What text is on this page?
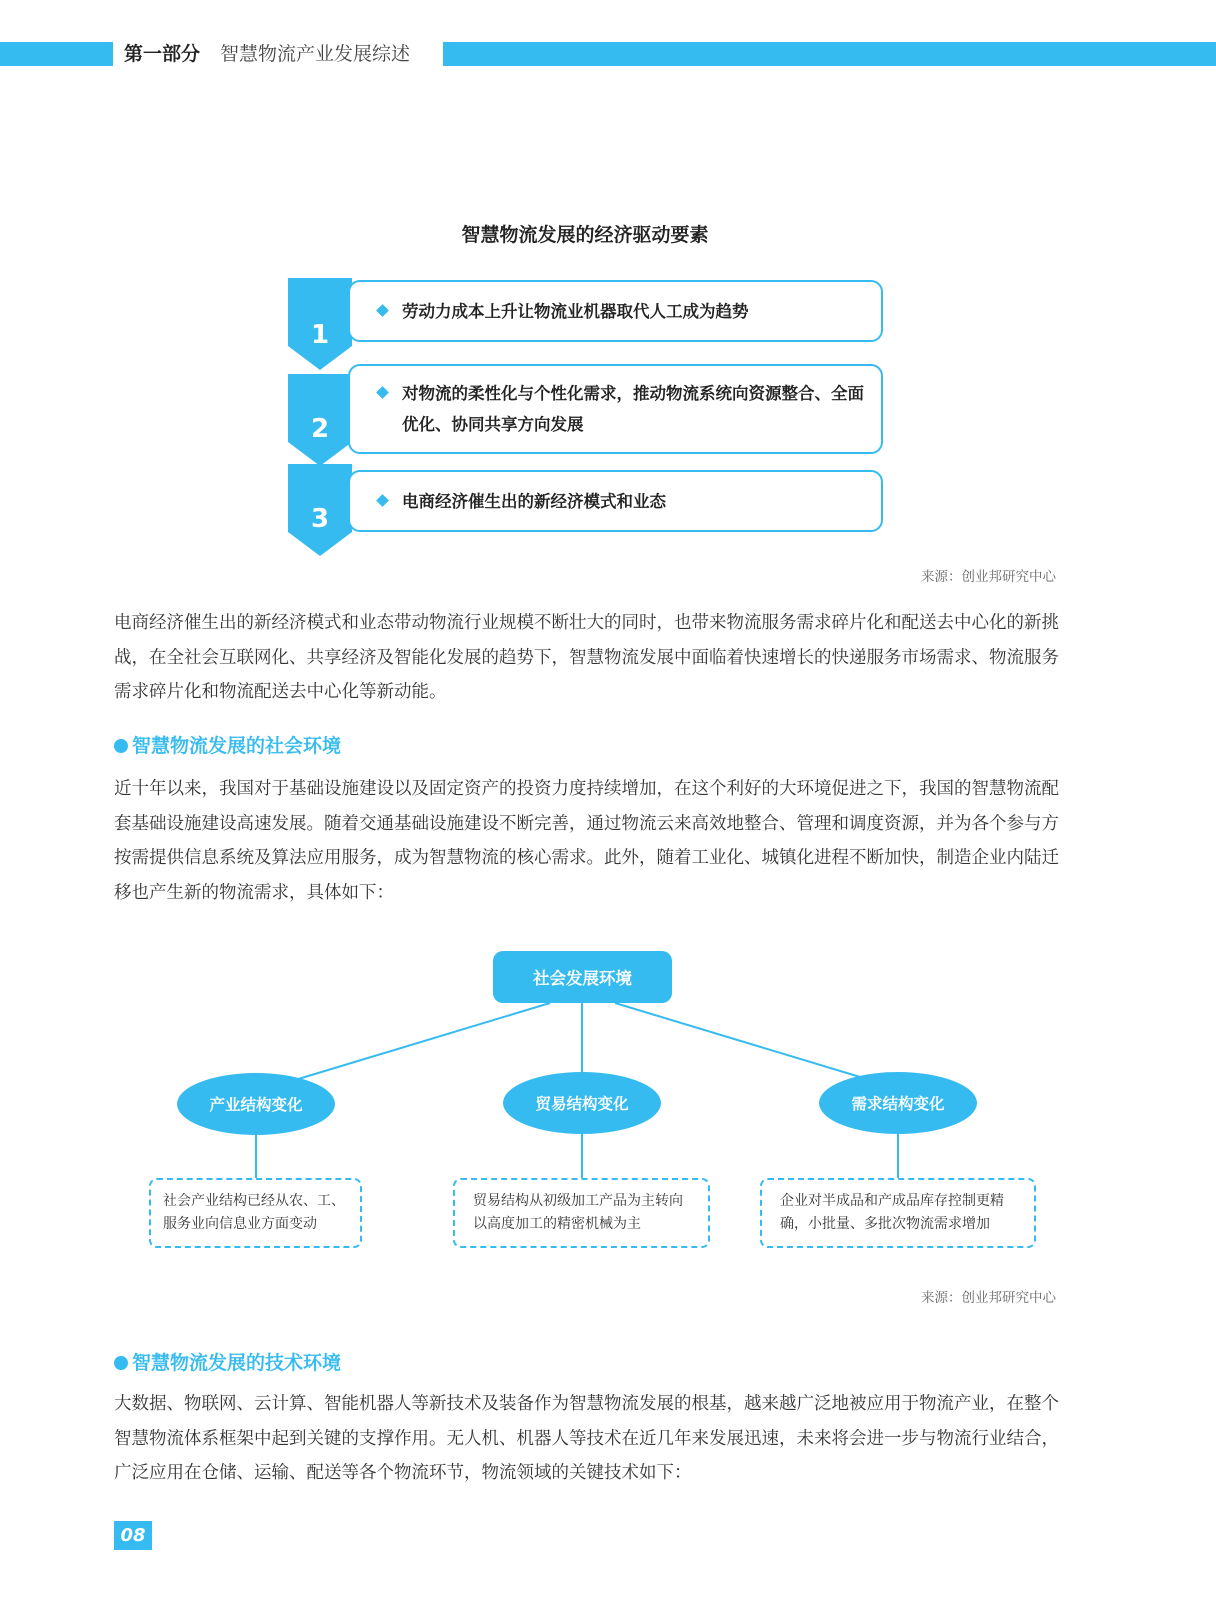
第一部分 智慧物流产业发展综述
智慧物流发展的经济驱动要素
1
2
3
劳动力成本上升让物流业机器取代人工成为趋势
对物流的柔性化与个性化需求，推动物流系统向资源整合、全面优化、协同共享方向发展
电商经济催生出的新经济模式和业态
来源：创业邦研究中心
电商经济催生出的新经济模式和业态带动物流行业规模不断壮大的同时，也带来物流服务需求碎片化和配送去中心化的新挑战，在全社会互联网化、共享经济及智能化发展的趋势下，智慧物流发展中面临着快速增长的快递服务市场需求、物流服务需求碎片化和物流配送去中心化等新动能。
智慧物流发展的社会环境
近十年以来，我国对于基础设施建设以及固定资产的投资力度持续增加，在这个利好的大环境促进之下，我国的智慧物流配套基础设施建设高速发展。随着交通基础设施建设不断完善，通过物流云来高效地整合、管理和调度资源，并为各个参与方按需提供信息系统及算法应用服务，成为智慧物流的核心需求。此外，随着工业化、城镇化进程不断加快，制造企业内陆迁移也产生新的物流需求，具体如下：
社会发展环境
产业结构变化	贸易结构变化	需求结构变化
社会产业结构已经从农、工、服务业向信息业方面变动
贸易结构从初级加工产品为主转向以高度加工的精密机械为主
企业对半成品和产成品库存控制更精确，小批量、多批次物流需求增加
来源：创业邦研究中心
智慧物流发展的技术环境
大数据、物联网、云计算、智能机器人等新技术及装备作为智慧物流发展的根基，越来越广泛地被应用于物流产业，在整个智慧物流体系框架中起到关键的支撑作用。无人机、机器人等技术在近几年来发展迅速，未来将会进一步与物流行业结合，广泛应用在仓储、运输、配送等各个物流环节，物流领域的关键技术如下：
08
